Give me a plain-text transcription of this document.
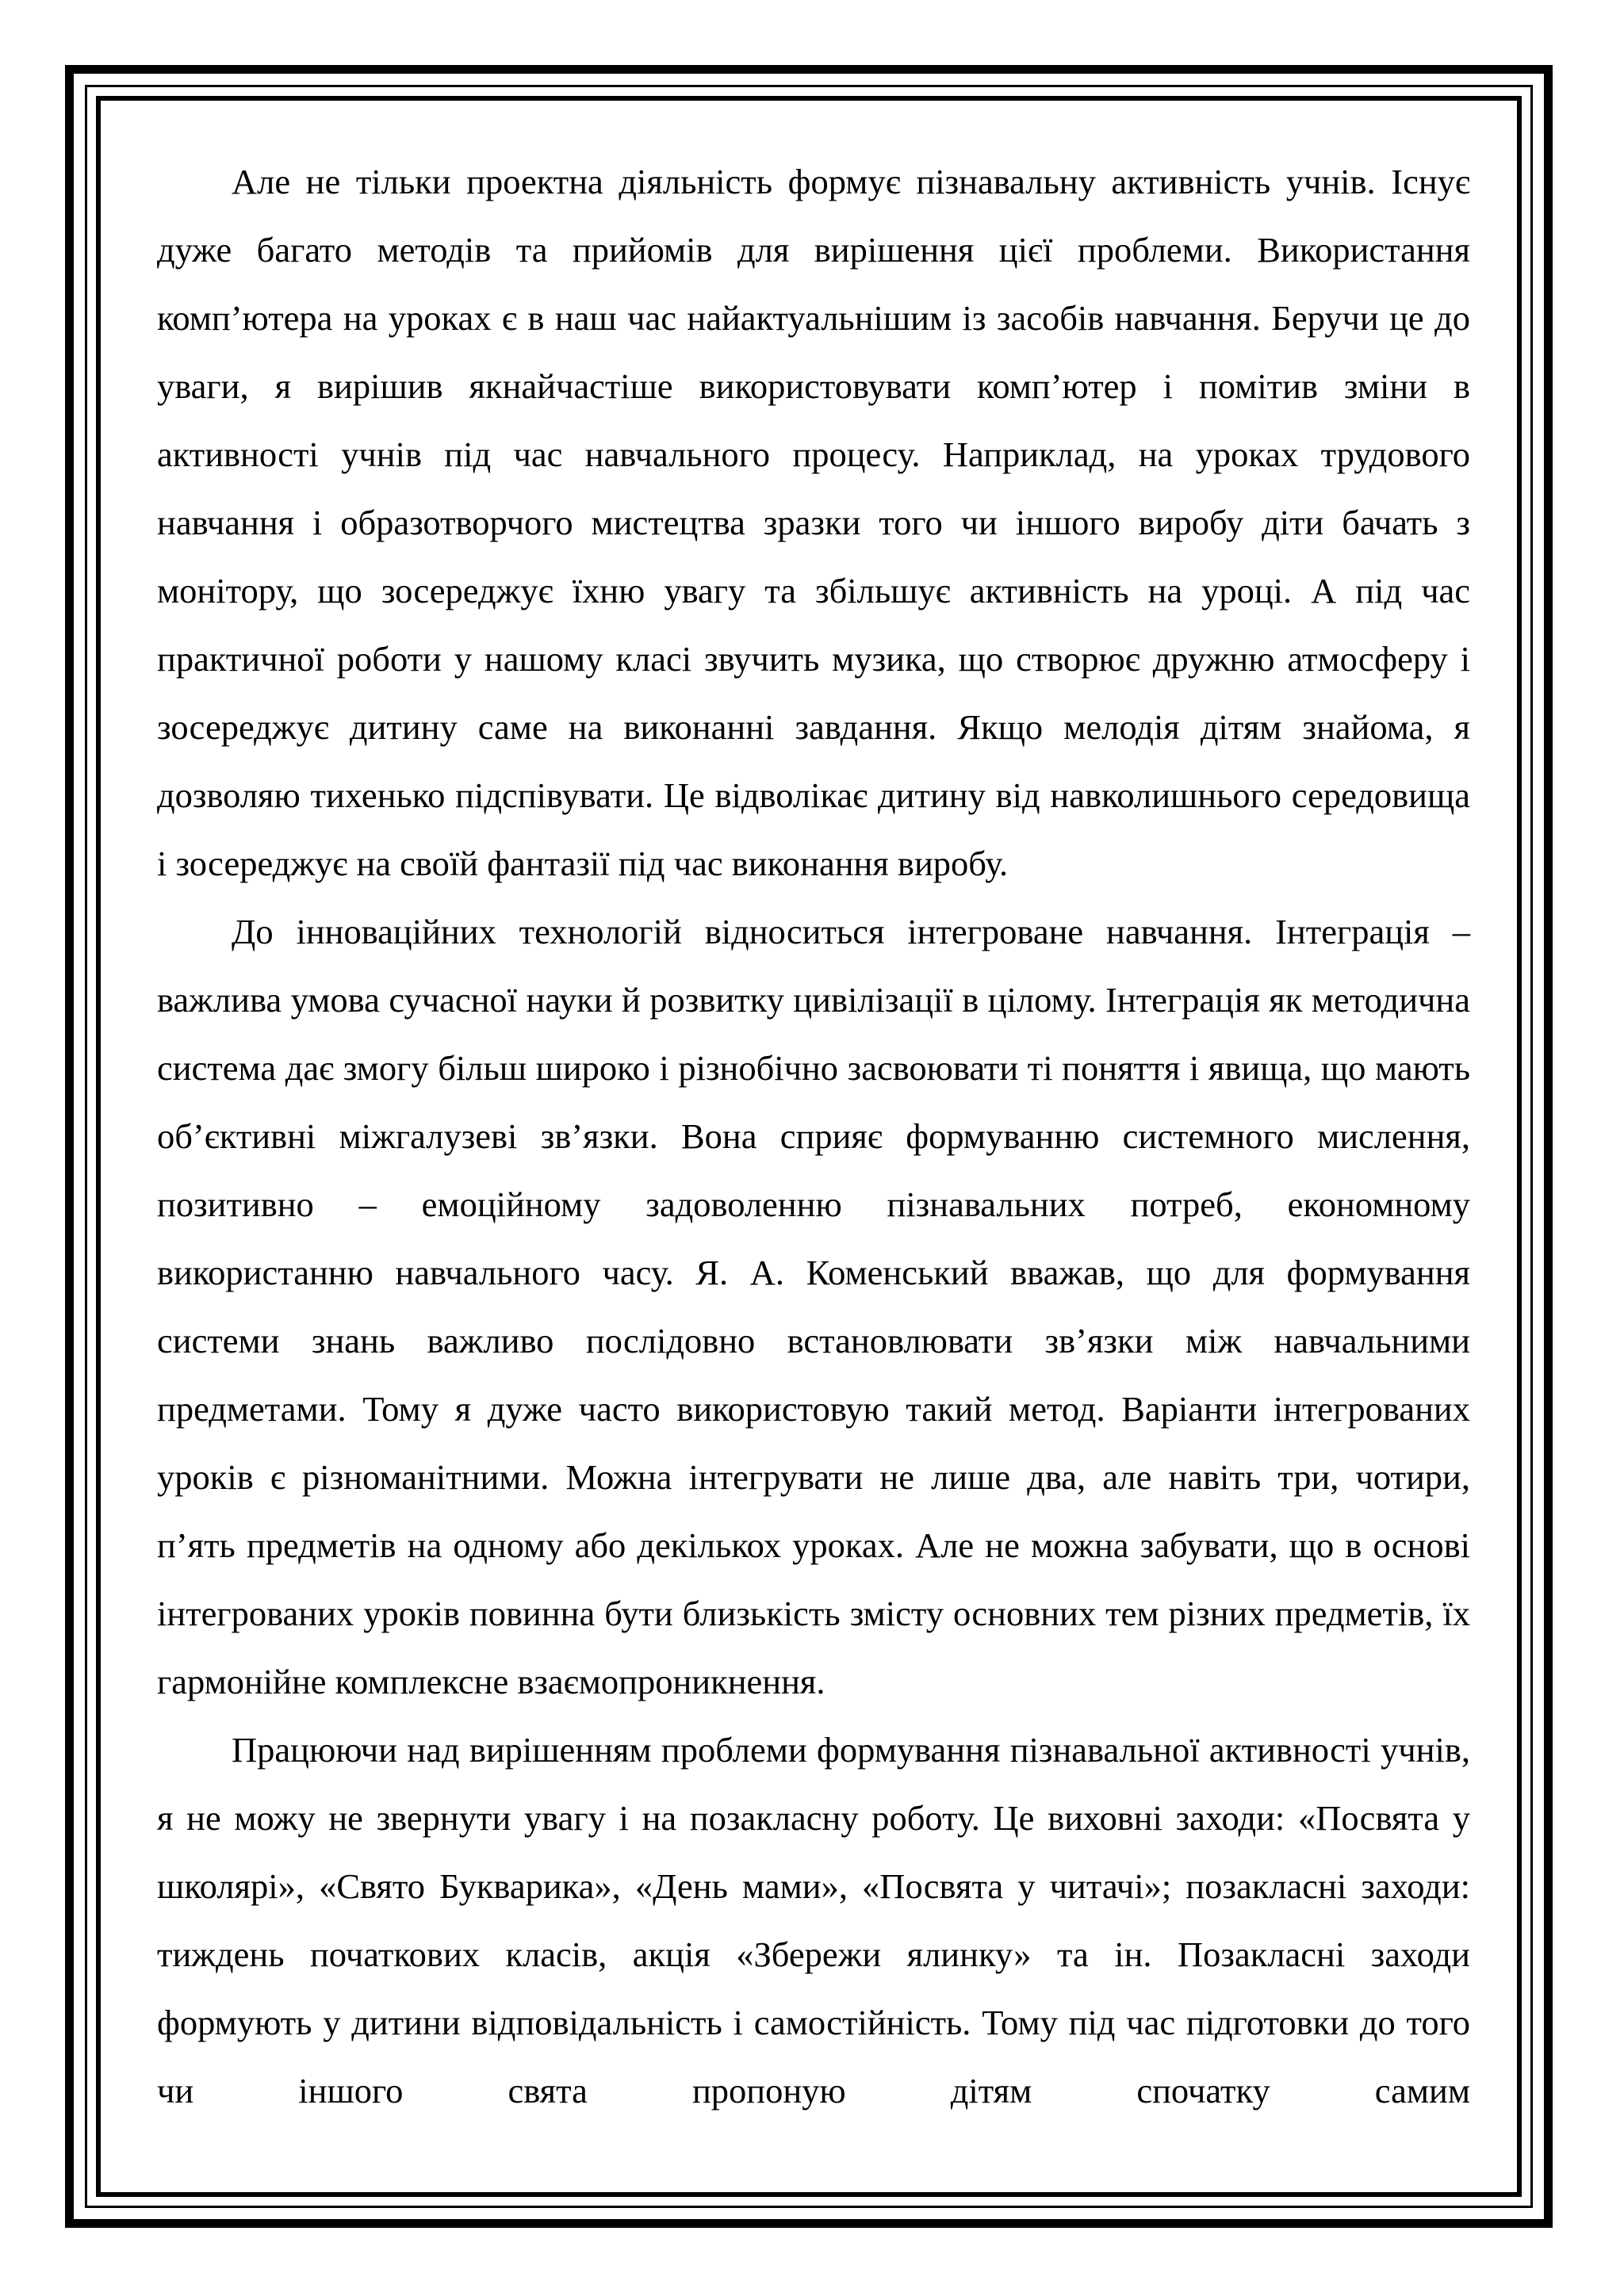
Але не тільки проектна діяльність формує пізнавальну активність учнів. Існує дуже багато методів та прийомів для вирішення цієї проблеми. Використання комп’ютера на уроках є в наш час найактуальнішим із засобів навчання. Беручи це до уваги, я вирішив якнайчастіше використовувати комп’ютер і помітив зміни в активності учнів під час навчального процесу. Наприклад, на уроках трудового навчання і образотворчого мистецтва зразки того чи іншого виробу діти бачать з монітору, що зосереджує їхню увагу та збільшує активність на уроці. А під час практичної роботи у нашому класі звучить музика, що створює дружню атмосферу і зосереджує дитину саме на виконанні завдання. Якщо мелодія дітям знайома, я дозволяю тихенько підспівувати. Це відволікає дитину від навколишнього середовища і зосереджує на своїй фантазії під час виконання виробу.

До інноваційних технологій відноситься інтегроване навчання. Інтеграція – важлива умова сучасної науки й розвитку цивілізації в цілому. Інтеграція як методична система дає змогу більш широко і різнобічно засвоювати ті поняття і явища, що мають об’єктивні міжгалузеві зв’язки. Вона сприяє формуванню системного мислення, позитивно – емоційному задоволенню пізнавальних потреб, економному використанню навчального часу. Я. А. Коменський вважав, що для формування системи знань важливо послідовно встановлювати зв’язки між навчальними предметами. Тому я дуже часто використовую такий метод. Варіанти інтегрованих уроків є різноманітними. Можна інтегрувати не лише два, але навіть три, чотири, п’ять предметів на одному або декількох уроках. Але не можна забувати, що в основі інтегрованих уроків повинна бути близькість змісту основних тем різних предметів, їх гармонійне комплексне взаємопроникнення.

Працюючи над вирішенням проблеми формування пізнавальної активності учнів, я не можу не звернути увагу і на позакласну роботу. Це виховні заходи: «Посвята у школярі», «Свято Букварика», «День мами», «Посвята у читачі»; позакласні заходи: тиждень початкових класів, акція «Збережи ялинку» та ін. Позакласні заходи формують у дитини відповідальність і самостійність. Тому під час підготовки до того чи іншого свята пропоную дітям спочатку самим
